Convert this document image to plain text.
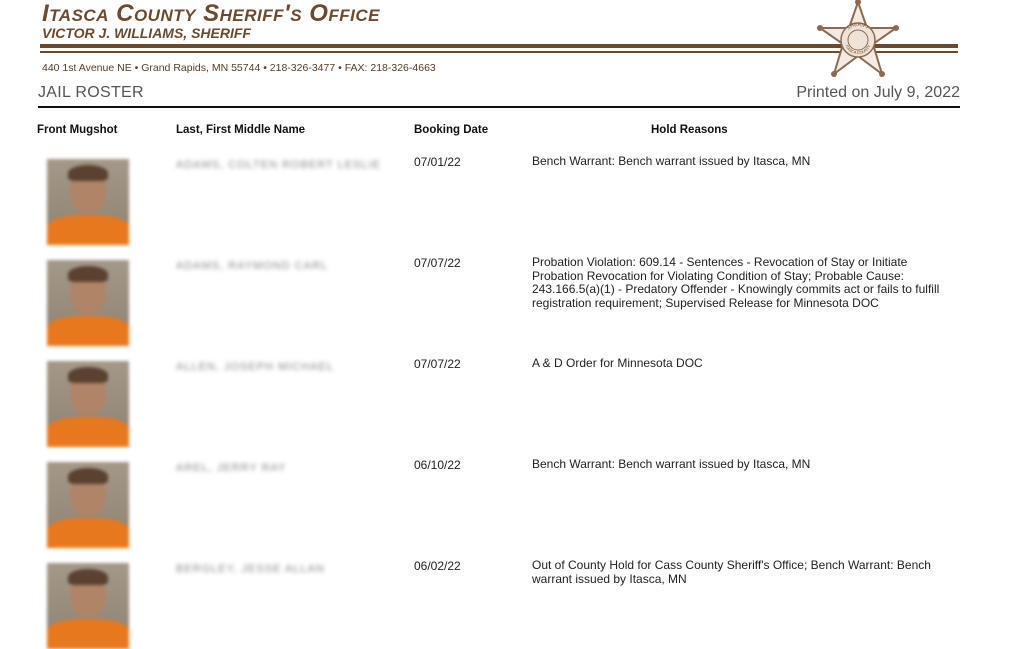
Itasca County Sheriff's Office
VICTOR J. WILLIAMS, SHERIFF
440 1st Avenue NE • Grand Rapids, MN 55744 • 218-326-3477 • FAX: 218-326-4663
SHERIFF
ITASCA COUNTY
JAIL ROSTER	Printed on July 9, 2022
Front Mugshot	Last, First Middle Name	Booking Date	Hold Reasons
ADAMS, COLTEN ROBERT LESLIE	07/01/22	Bench Warrant: Bench warrant issued by Itasca, MN
ADAMS, RAYMOND CARL	07/07/22	Probation Violation: 609.14 - Sentences - Revocation of Stay or Initiate Probation Revocation for Violating Condition of Stay; Probable Cause: 243.166.5(a)(1) - Predatory Offender - Knowingly commits act or fails to fulfill registration requirement; Supervised Release for Minnesota DOC
ALLEN, JOSEPH MICHAEL	07/07/22	A & D Order for Minnesota DOC
AREL, JERRY RAY	06/10/22	Bench Warrant: Bench warrant issued by Itasca, MN
BERGLEY, JESSE ALLAN	06/02/22	Out of County Hold for Cass County Sheriff's Office; Bench Warrant: Bench warrant issued by Itasca, MN
